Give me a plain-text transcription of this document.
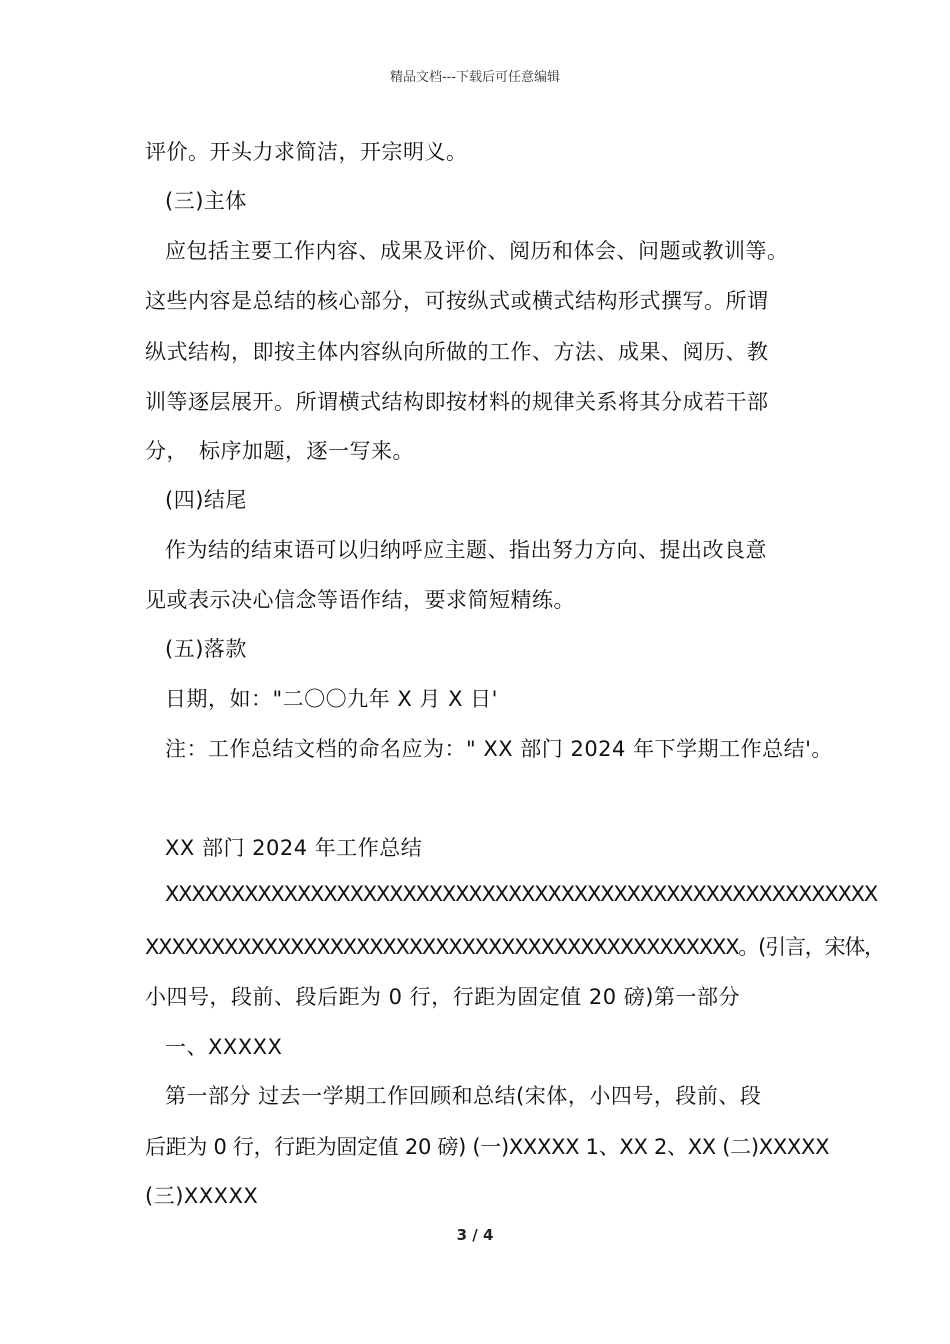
精品文档---下载后可任意编辑
评价。开头力求简洁，开宗明义。
(三)主体
应包括主要工作内容、成果及评价、阅历和体会、问题或教训等。
这些内容是总结的核心部分，可按纵式或横式结构形式撰写。所谓
纵式结构，即按主体内容纵向所做的工作、方法、成果、阅历、教
训等逐层展开。所谓横式结构即按材料的规律关系将其分成若干部
分，　标序加题，逐一写来。
(四)结尾
作为结的结束语可以归纳呼应主题、指出努力方向、提出改良意
见或表示决心信念等语作结，要求简短精练。
(五)落款
日期，如："二〇〇九年 X 月 X 日'
注：工作总结文档的命名应为：" XX 部门 2024 年下学期工作总结'。
XX 部门 2024 年工作总结
XXXXXXXXXXXXXXXXXXXXXXXXXXXXXXXXXXXXXXXXXXXXXXXXXXXXXX
XXXXXXXXXXXXXXXXXXXXXXXXXXXXXXXXXXXXXXXXXXXXX。(引言，宋体，
小四号，段前、段后距为 0 行，行距为固定值 20 磅)第一部分
一、XXXXX
第一部分 过去一学期工作回顾和总结(宋体，小四号，段前、段
后距为 0 行，行距为固定值 20 磅) (一)XXXXX 1、XX 2、XX (二)XXXXX
(三)XXXXX
3 / 4
